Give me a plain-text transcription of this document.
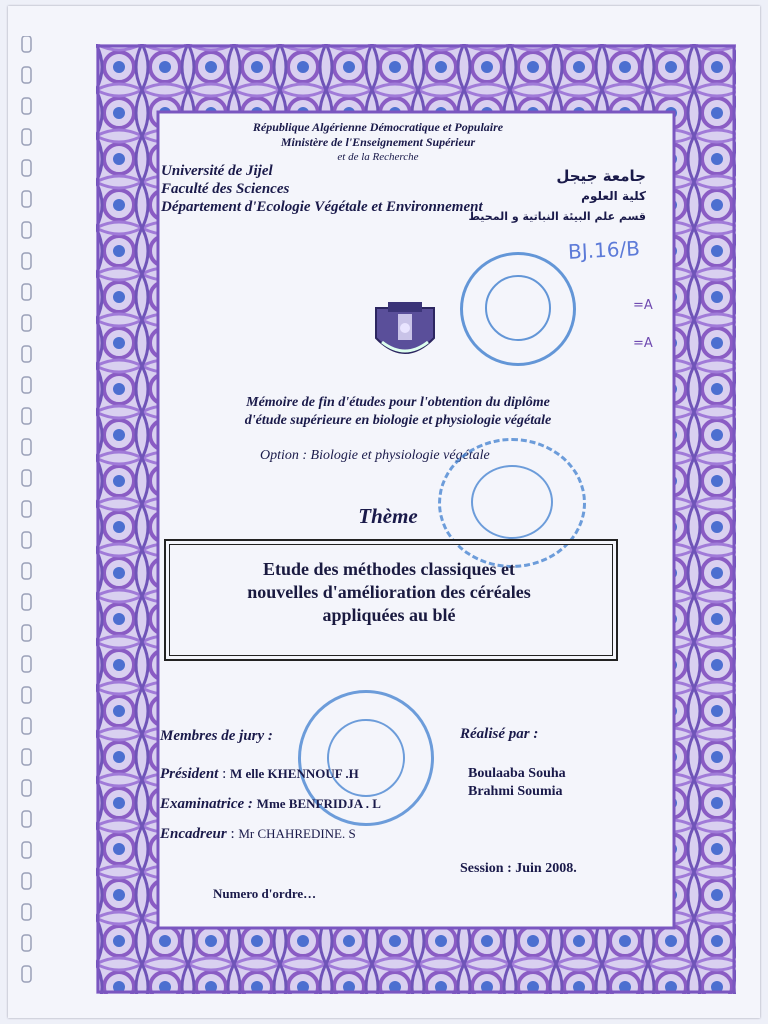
République Algérienne Démocratique et Populaire

Ministère de l'Enseignement Supérieur

et de la Recherche

Université de Jijel

Faculté des Sciences

Département d'Ecologie Végétale et Environnement

جامعة جيجل

كلية العلوم

قسم علم البيئة النباتية و المحيط

BJ.16/B

=A

=A

Mémoire de fin d'études pour l'obtention du diplôme

d'étude supérieure en biologie et physiologie végétale

Option : Biologie et physiologie végétale

Thème

Etude des méthodes classiques et

nouvelles d'amélioration des céréales

appliquées au blé

Membres de jury :

Président : M elle KHENNOUF .H

Examinatrice : Mme BENFRIDJA . L

Encadreur : Mr CHAHREDINE. S

Réalisé par :

Boulaaba Souha

Brahmi Soumia

Session : Juin 2008.

Numero d'ordre…
